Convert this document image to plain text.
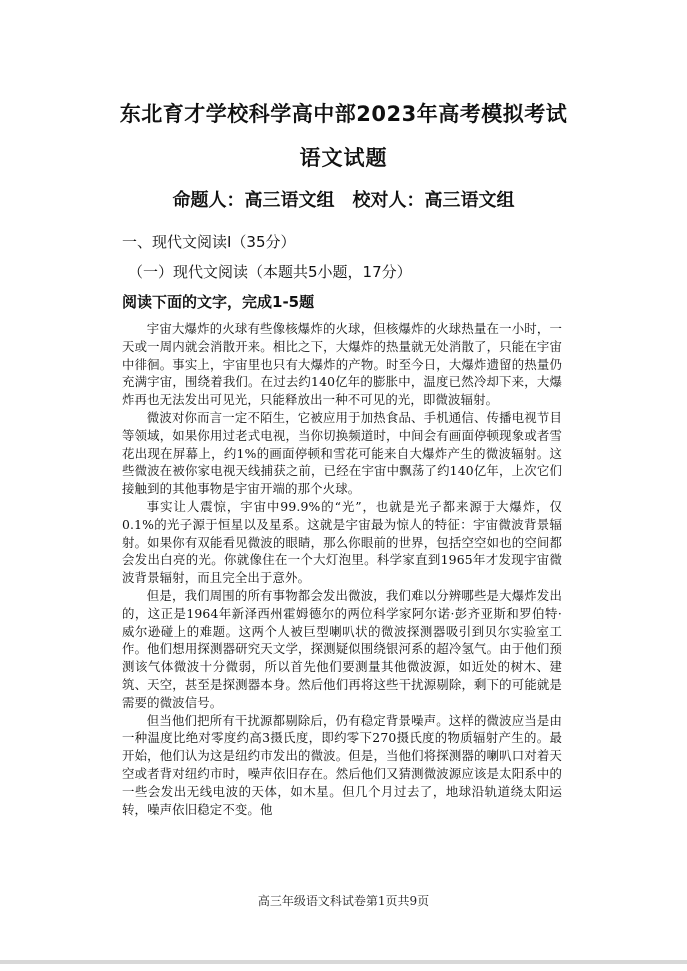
东北育才学校科学高中部2023年高考模拟考试
语文试题
命题人：高三语文组 校对人：高三语文组
一、现代文阅读Ⅰ（35分）
（一）现代文阅读（本题共5小题，17分）
阅读下面的文字，完成1-5题

宇宙大爆炸的火球有些像核爆炸的火球，但核爆炸的火球热量在一小时，一天或一周内就会消散开来。相比之下，大爆炸的热量就无处消散了，只能在宇宙中徘徊。事实上，宇宙里也只有大爆炸的产物。时至今日，大爆炸遗留的热量仍充满宇宙，围绕着我们。在过去约140亿年的膨胀中，温度已然冷却下来，大爆炸再也无法发出可见光，只能释放出一种不可见的光，即微波辐射。

微波对你而言一定不陌生，它被应用于加热食品、手机通信、传播电视节目等领域，如果你用过老式电视，当你切换频道时，中间会有画面停顿现象或者雪花出现在屏幕上，约1%的画面停顿和雪花可能来自大爆炸产生的微波辐射。这些微波在被你家电视天线捕获之前，已经在宇宙中飘荡了约140亿年，上次它们接触到的其他事物是宇宙开端的那个火球。

事实让人震惊，宇宙中99.9%的“光”，也就是光子都来源于大爆炸，仅0.1%的光子源于恒星以及星系。这就是宇宙最为惊人的特征：宇宙微波背景辐射。如果你有双能看见微波的眼睛，那么你眼前的世界，包括空空如也的空间都会发出白亮的光。你就像住在一个大灯泡里。科学家直到1965年才发现宇宙微波背景辐射，而且完全出于意外。

但是，我们周围的所有事物都会发出微波，我们难以分辨哪些是大爆炸发出的，这正是1964年新泽西州霍姆德尔的两位科学家阿尔诺·彭齐亚斯和罗伯特·威尔逊碰上的难题。这两个人被巨型喇叭状的微波探测器吸引到贝尔实验室工作。他们想用探测器研究天文学，探测疑似围绕银河系的超冷氢气。由于他们预测该气体微波十分微弱，所以首先他们要测量其他微波源，如近处的树木、建筑、天空，甚至是探测器本身。然后他们再将这些干扰源剔除，剩下的可能就是需要的微波信号。

但当他们把所有干扰源都剔除后，仍有稳定背景噪声。这样的微波应当是由一种温度比绝对零度约高3摄氏度，即约零下270摄氏度的物质辐射产生的。最开始，他们认为这是纽约市发出的微波。但是，当他们将探测器的喇叭口对着天空或者背对纽约市时，噪声依旧存在。然后他们又猜测微波源应该是太阳系中的一些会发出无线电波的天体，如木星。但几个月过去了，地球沿轨道绕太阳运转，噪声依旧稳定不变。他

高三年级语文科试卷第1页共9页
